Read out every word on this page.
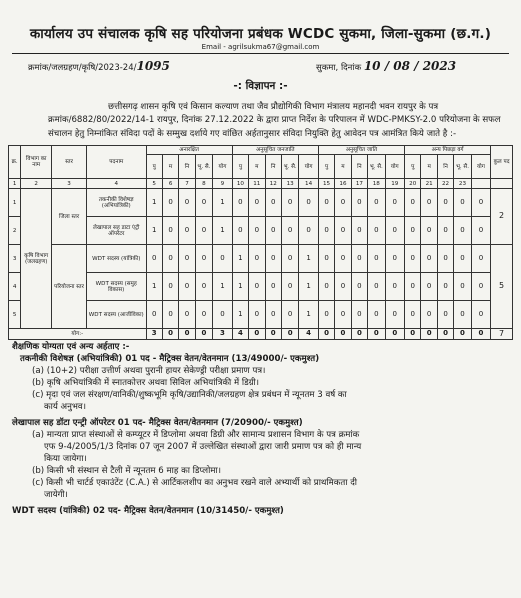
कार्यालय उप संचालक कृषि सह परियोजना प्रबंधक WCDC सुकमा, जिला-सुकमा (छ.ग.)
Email - agrilsukma67@gmail.com
क्रमांक/जलग्रहण/कृषि/2023-24/1095	सुकमा, दिनांक 10 / 08 / 2023
-: विज्ञापन :-
छत्तीसगढ़ शासन कृषि एवं किसान कल्याण तथा जैव प्रौद्योगिकी विभाग मंत्रालय महानदी भवन रायपुर के पत्र क्रमांक/6882/80/2022/14-1 रायपुर, दिनांक 27.12.2022 के द्वारा प्राप्त निर्देश के परिपालन में WDC-PMKSY-2.0 परियोजना के सफल संचालन हेतु निम्नांकित संविदा पदों के सम्मुख दर्शाये गए वांछित अर्हतानुसार संविदा नियुक्ति हेतु आवेदन पत्र आमंत्रित किये जाते है :-
क्र.	विभाग का नाम	स्तर	पदनाम	अनारक्षित					अनुसूचित जनजाति					अनुसूचित जाति					अन्य पिछड़ा वर्ग					कुल पद
				पु	म	नि	भू. सै.	योग	पु	म	नि	भू. सै.	योग	पु	म	नि	भू. सै.	योग	पु	म	नि	भू. सै.	योग	
1	2	3	4	5	6	7	8	9	10	11	12	13	14	15	16	17	18	19	20	21	22	23		
1	कृषि विभाग (जलग्रहण)	जिला स्तर	तकनीकी विशेषज्ञ (अभियांत्रिकी)	1	0	0	0	1	0	0	0	0	0	0	0	0	0	0	0	0	0	0	0	2
2			लेखापाल सह डाटा एंट्री ऑपरेटर	1	0	0	0	1	0	0	0	0	0	0	0	0	0	0	0	0	0	0	0	
3		परियोजना स्तर	WDT सदस्य (यांत्रिकी)	0	0	0	0	0	1	0	0	0	1	0	0	0	0	0	0	0	0	0	0	5
4			WDT सदस्य (समुह विकास)	1	0	0	0	1	1	0	0	0	1	0	0	0	0	0	0	0	0	0	0	
5			WDT सदस्य (आजीविका)	0	0	0	0	0	1	0	0	0	1	0	0	0	0	0	0	0	0	0	0	
योग:-				3	0	0	0	3	4	0	0	0	4	0	0	0	0	0	0	0	0	0	0	7
शैक्षणिक योग्यता एवं अन्य अर्हताए :-
तकनीकी विशेषज्ञ (अभियांत्रिकी) 01 पद - मैट्रिक्स वेतन/वेतनमान (13/49000/- एकमुश्त)
(a) (10+2) परीक्षा उत्तीर्ण अथवा पुरानी हायर सेकेण्ड्री परीक्षा प्रमाण पत्र।
(b) कृषि अभियांत्रिकी में स्नातकोत्तर अथवा सिविल अभियांत्रिकी में डिग्री।
(c) मृदा एवं जल संरक्षण/वानिकी/शुष्कभूमि कृषि/उद्यानिकी/जलग्रहण क्षेत्र प्रबंधन में न्यूनतम 3 वर्ष का
कार्य अनुभव।
लेखापाल सह डॉटा एन्ट्री ऑपरेटर 01 पद- मैट्रिक्स वेतन/वेतनमान (7/20900/- एकमुश्त)
(a) मान्यता प्राप्त संस्थाओं से कम्प्यूटर में डिप्लोमा अथवा डिग्री और सामान्य प्रशासन विभाग के पत्र क्रमांक
एफ 9-4/2005/1/3 दिनांक 07 जून 2007 में उल्लेखित संस्थाओं द्वारा जारी प्रमाण पत्र को ही मान्य
किया जायेगा।
(b) किसी भी संस्थान से टैली में न्यूनतम 6 माह का डिप्लोमा।
(c) किसी भी चार्टर्ड एकाउंटेंट (C.A.) से आर्टिकलशीप का अनुभव रखने वाले अभ्यार्थी को प्राथमिकता दी
जायेगी।
WDT सदस्य (यांत्रिकी) 02 पद- मैट्रिक्स वेतन/वेतनमान (10/31450/- एकमुश्त)
